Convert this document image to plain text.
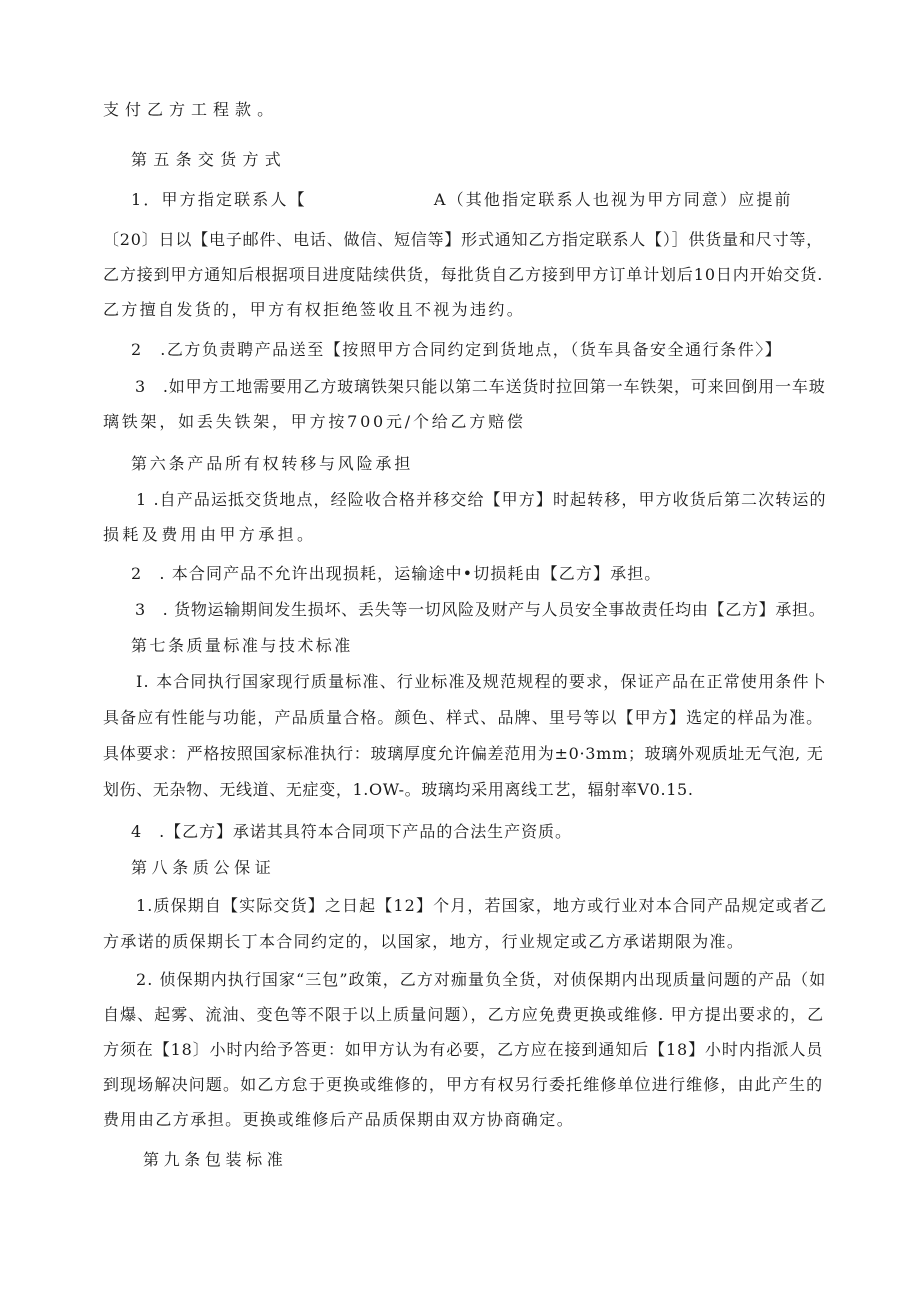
支付乙方工程款。
第五条交货方式
1．甲方指定联系人【　　　　　　　A（其他指定联系人也视为甲方同意）应提前
〔20〕日以【电子邮件、电话、做信、短信等】形式通知乙方指定联系人【）］供货量和尺寸等，
乙方接到甲方通知后根据项目进度陆续供货，每批货自乙方接到甲方订单计划后10日内开始交货.
乙方擅自发货的，甲方有权拒绝签收且不视为违约。
2　.乙方负责聘产品送至【按照甲方合同约定到货地点，（货车具备安全通行条件〉】
3　.如甲方工地需要用乙方玻璃铁架只能以第二车送货时拉回第一车铁架，可来回倒用一车玻
璃铁架，如丢失铁架，甲方按700元/个给乙方赔偿
第六条产品所有权转移与风险承担
1 .自产品运抵交货地点，经险收合格并移交给【甲方】时起转移，甲方收货后第二次转运的
损耗及费用由甲方承担。
2　. 本合同产品不允许出现损耗，运输途中•切损耗由【乙方】承担。
3　. 货物运输期间发生损坏、丢失等一切风险及财产与人员安全事故责任均由【乙方】承担。
第七条质量标准与技术标准
I. 本合同执行国家现行质量标准、行业标准及规范规程的要求，保证产品在正常使用条件卜
具备应有性能与功能，产品质量合格。颜色、样式、品牌、里号等以【甲方】选定的样品为准。
具体要求：严格按照国家标准执行：玻璃厚度允许偏差范用为±0·3mm；玻璃外观质址无气泡, 无
划伤、无杂物、无线道、无症变，1.OW-。玻璃均采用离线工艺，辐射率V0.15.
4　.【乙方】承诺其具符本合同项下产品的合法生产资质。
第八条质公保证
1.质保期自【实际交货】之日起【12】个月，若国家，地方或行业对本合同产品规定或者乙
方承诺的质保期长丁本合同约定的，以国家，地方，行业规定或乙方承诺期限为准。
2. 侦保期内执行国家“三包”政策，乙方对痂量负全货，对侦保期内出现质量问题的产品（如
自爆、起雾、流油、变色等不限于以上质量问题），乙方应免费更换或维修. 甲方提出要求的，乙
方须在【18〕小时内给予答更：如甲方认为有必要，乙方应在接到通知后【18】小时内指派人员
到现场解决问题。如乙方怠于更换或维修的，甲方有权另行委托维修单位进行维修，由此产生的
费用由乙方承担。更换或维修后产品质保期由双方协商确定。
第九条包装标准
